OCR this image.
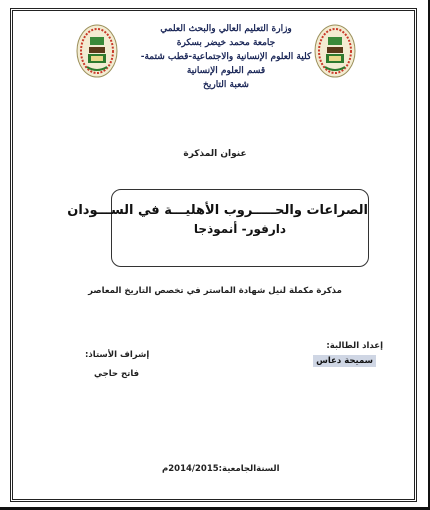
وزارة التعليم العالي والبحث العلمي
جامعة محمد خيضر بسكرة
كلية العلوم الإنسانية والاجتماعية-قطب شتمة-
قسم العلوم الإنسانية
شعبة التاريخ
عنوان المذكرة
الصراعات والحـــــروب الأهليـــة في الســـودان
دارفور- أنموذجا
مذكرة مكملة لنيل شهادة الماستر في تخصص التاريخ المعاصر
إعداد الطالبة:
سميحة دعاس
إشراف الأستاذ:
فاتح حاجي
السنةالجامعية:2014/2015م
